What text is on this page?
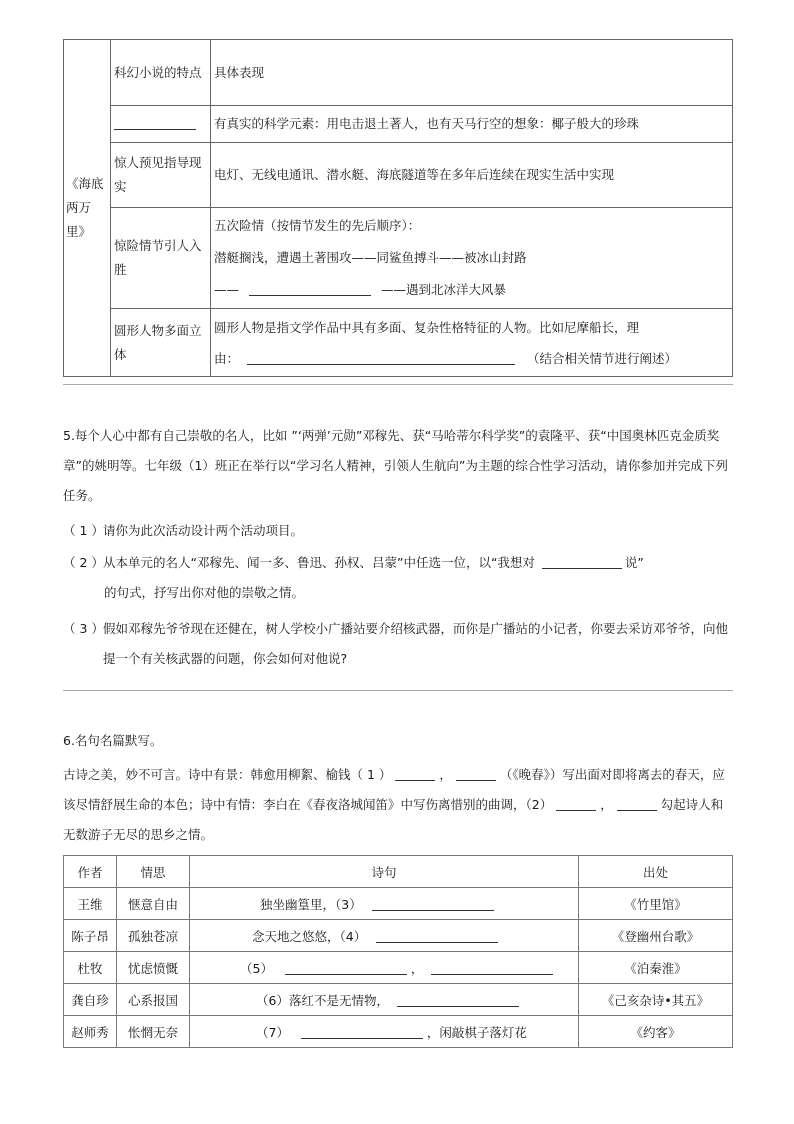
《海底两万里》	科幻小说的特点	具体表现
		有真实的科学元素：用电击退土著人，也有天马行空的想象：椰子般大的珍珠
	惊人预见指导现实	电灯、无线电通讯、潜水艇、海底隧道等在多年后连续在现实生活中实现
	惊险情节引人入胜	五次险情（按情节发生的先后顺序）：
潜艇搁浅，遭遇土著围攻——同鲨鱼搏斗——被冰山封路
—— ——遇到北冰洋大风暴

	圆形人物多面立体	圆形人物是指文学作品中具有多面、复杂性格特征的人物。比如尼摩船长，理
由： （结合相关情节进行阐述）

5.每个人心中都有自己崇敬的名人，比如 ”‘两弹’元勋”邓稼先、获“马哈蒂尔科学奖”的袁隆平、获“中国奥林匹克金质奖章”的姚明等。七年级（1）班正在举行以“学习名人精神，引领人生航向”为主题的综合性学习活动，请你参加并完成下列任务。

（ 1 ）请你为此次活动设计两个活动项目。

（ 2 ）从本单元的名人“邓稼先、闻一多、鲁迅、孙权、吕蒙”中任选一位，以“我想对	说”
的句式，抒写出你对他的崇敬之情。
（ 3 ） 假如邓稼先爷爷现在还健在，树人学校小广播站要介绍核武器，而你是广播站的小记者，你要去采访邓爷爷，向他提一个有关核武器的问题，你会如何对他说?

6.名句名篇默写。

古诗之美，妙不可言。诗中有景：韩愈用柳絮、榆钱（ 1 ）	，	（《晚春》）写出面对即将离去的春天，应该尽情舒展生命的本色；诗中有情：李白在《春夜洛城闻笛》中写伤离惜别的曲调，（2）	，	勾起诗人和无数游子无尽的思乡之情。

作者	情思	诗句	出处
王维	惬意自由	独坐幽篁里，（3）	《竹里馆》
陈子昂	孤独苍凉	念天地之悠悠，（4）	《登幽州台歌》
杜牧	忧虑愤慨	（5） ，	《泊秦淮》
龚自珍	心系报国	（6）落红不是无情物，	《己亥杂诗•其五》
赵师秀	怅惘无奈	（7） ，闲敲棋子落灯花	《约客》
